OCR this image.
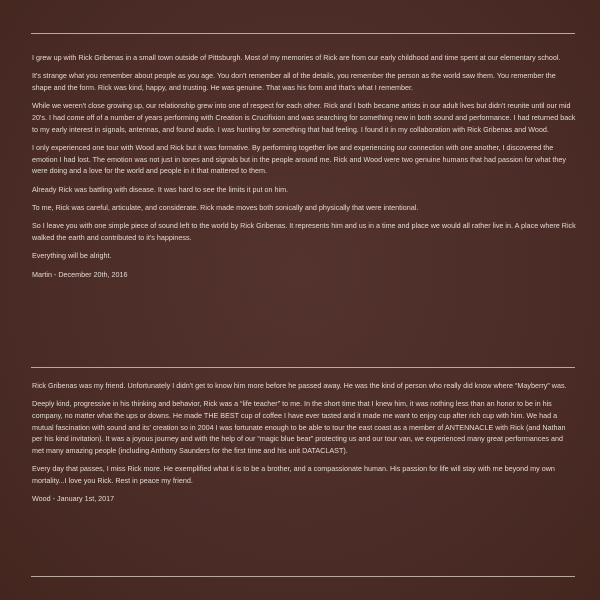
I grew up with Rick Gribenas in a small town outside of Pittsburgh. Most of my memories of Rick are from our early childhood and time spent at our elementary school.

It's strange what you remember about people as you age. You don't remember all of the details, you remember the person as the world saw them. You remember the shape and the form. Rick was kind, happy, and trusting. He was genuine. That was his form and that's what I remember.

While we weren't close growing up, our relationship grew into one of respect for each other. Rick and I both became artists in our adult lives but didn't reunite until our mid 20's. I had come off of a number of years performing with Creation is Crucifixion and was searching for something new in both sound and performance. I had returned back to my early interest in signals, antennas, and found audio. I was hunting for something that had feeling. I found it in my collaboration with Rick Gribenas and Wood.

I only experienced one tour with Wood and Rick but it was formative. By performing together live and experiencing our connection with one another, I discovered the emotion I had lost. The emotion was not just in tones and signals but in the people around me. Rick and Wood were two genuine humans that had passion for what they were doing and a love for the world and people in it that mattered to them.

Already Rick was battling with disease. It was hard to see the limits it put on him.

To me, Rick was careful, articulate, and considerate. Rick made moves both sonically and physically that were intentional.

So I leave you with one simple piece of sound left to the world by Rick Gribenas. It represents him and us in a time and place we would all rather live in. A place where Rick walked the earth and contributed to it's happiness.

Everything will be alright.

Martin - December 20th, 2016

Rick Gribenas was my friend. Unfortunately I didn't get to know him more before he passed away. He was the kind of person who really did know where “Mayberry” was.

Deeply kind, progressive in his thinking and behavior, Rick was a “life teacher” to me. In the short time that I knew him, it was nothing less than an honor to be in his company, no matter what the ups or downs. He made THE BEST cup of coffee I have ever tasted and it made me want to enjoy cup after rich cup with him. We had a mutual fascination with sound and its' creation so in 2004 I was fortunate enough to be able to tour the east coast as a member of ANTENNACLE with Rick (and Nathan per his kind invitation). It was a joyous journey and with the help of our “magic blue bear” protecting us and our tour van, we experienced many great performances and met many amazing people (including Anthony Saunders for the first time and his unit DATACLAST).

Every day that passes, I miss Rick more. He exemplified what it is to be a brother, and a compassionate human. His passion for life will stay with me beyond my own mortality...I love you Rick. Rest in peace my friend.

Wood - January 1st, 2017
